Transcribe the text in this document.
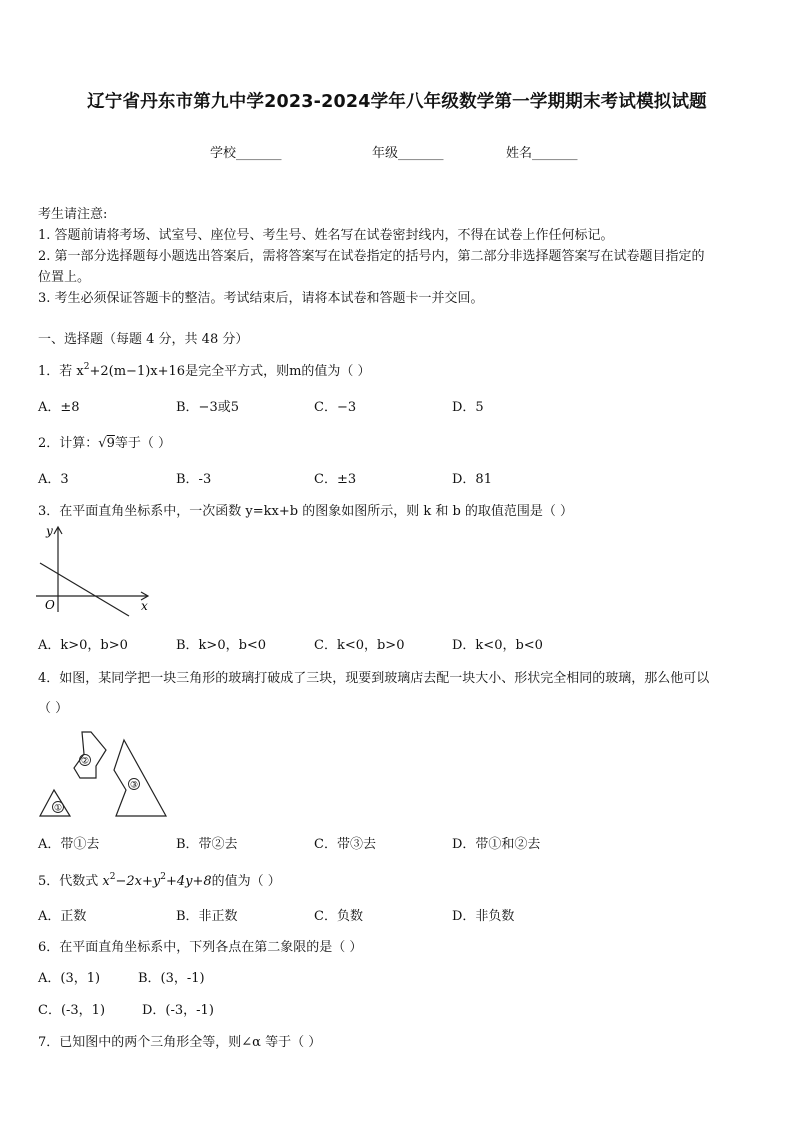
辽宁省丹东市第九中学2023-2024学年八年级数学第一学期期末考试模拟试题
学校_______	年级_______	姓名_______
考生请注意:
1. 答题前请将考场、试室号、座位号、考生号、姓名写在试卷密封线内，不得在试卷上作任何标记。
2. 第一部分选择题每小题选出答案后，需将答案写在试卷指定的括号内，第二部分非选择题答案写在试卷题目指定的
位置上。
3. 考生必须保证答题卡的整洁。考试结束后，请将本试卷和答题卡一并交回。
一、选择题（每题 4 分，共 48 分）
1．若 $x^2+2(m-1)x+16$是完全平方式，则m的值为（ ）
A．±8	B．−3或5	C．−3	D．5
2．计算：√9等于（ ）
A．3	B．-3	C．±3	D．81
3．在平面直角坐标系中，一次函数 y=kx+b 的图象如图所示，则 k 和 b 的取值范围是（ ）
y
x
O
A．k>0，b>0	B．k>0，b<0	C．k<0，b>0	D．k<0，b<0
4．如图，某同学把一块三角形的玻璃打破成了三块，现要到玻璃店去配一块大小、形状完全相同的玻璃，那么他可以
（ ）
①
②
③
A．带①去	B．带②去	C．带③去	D．带①和②去
5．代数式 $x^2-2x+y^2+4y+8$的值为（ ）
A．正数	B．非正数	C．负数	D．非负数
6．在平面直角坐标系中，下列各点在第二象限的是（ ）
A．(3，1)	B．(3，-1)
C．(-3，1)	D．(-3，-1)
7．已知图中的两个三角形全等，则∠α 等于（ ）
